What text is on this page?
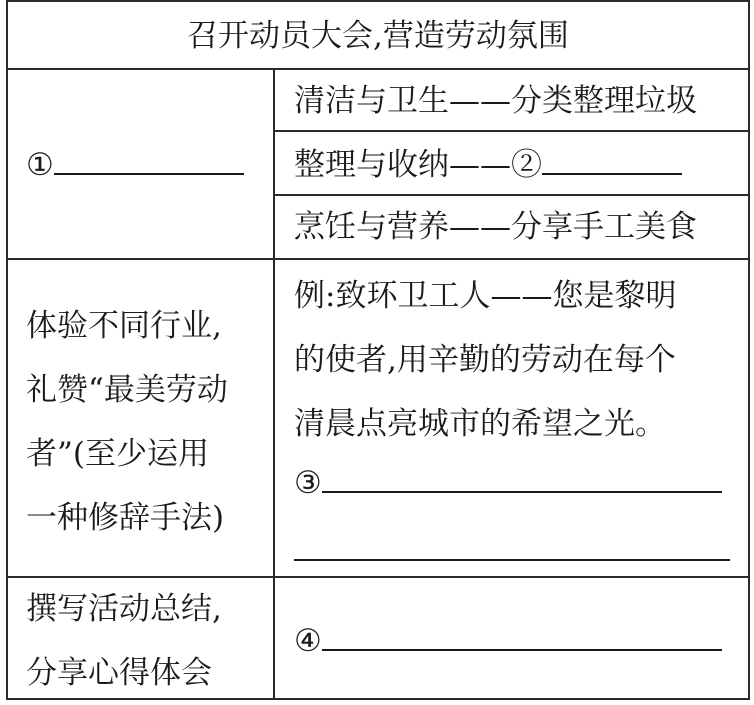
召开动员大会,营造劳动氛围
①
清洁与卫生——分类整理垃圾
整理与收纳——②
烹饪与营养——分享手工美食
体验不同行业,
礼赞“最美劳动
者”(至少运用
一种修辞手法)
例:致环卫工人——您是黎明
的使者,用辛勤的劳动在每个
清晨点亮城市的希望之光。
③
撰写活动总结,
分享心得体会
④
